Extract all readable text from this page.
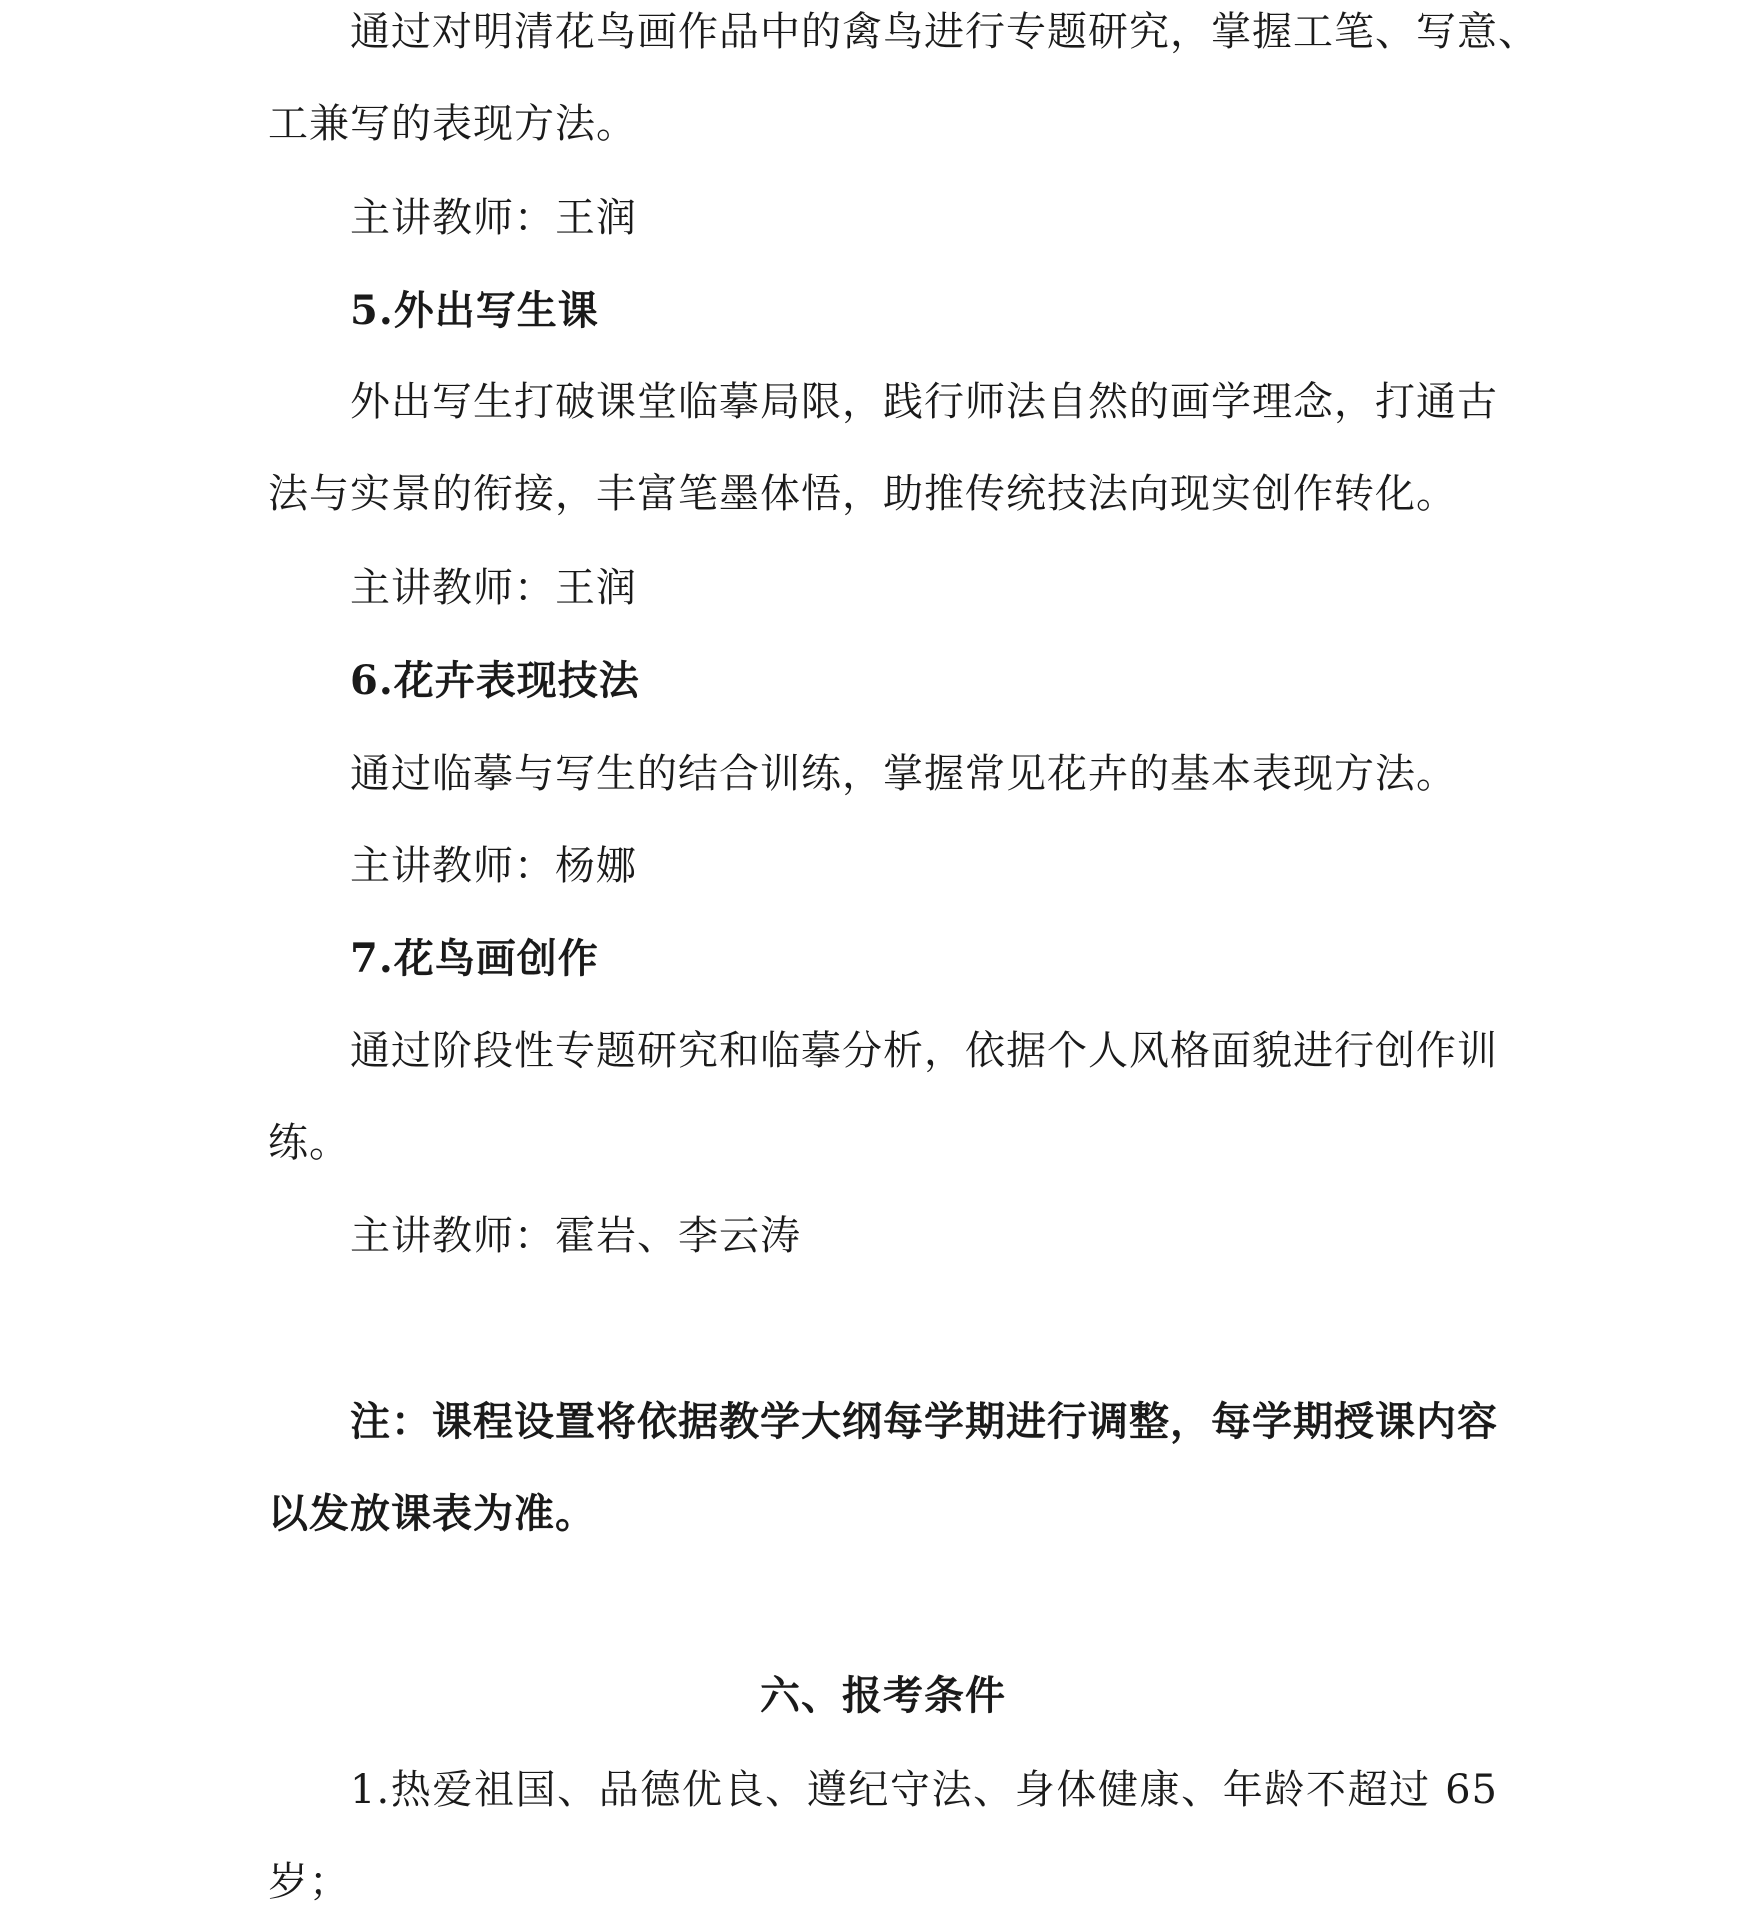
通过对明清花鸟画作品中的禽鸟进行专题研究，掌握工笔、写意、
工兼写的表现方法。
主讲教师：王润
5.外出写生课
外出写生打破课堂临摹局限，践行师法自然的画学理念，打通古
法与实景的衔接，丰富笔墨体悟，助推传统技法向现实创作转化。
主讲教师：王润
6.花卉表现技法
通过临摹与写生的结合训练，掌握常见花卉的基本表现方法。
主讲教师：杨娜
7.花鸟画创作
通过阶段性专题研究和临摹分析，依据个人风格面貌进行创作训
练。
主讲教师：霍岩、李云涛
注：课程设置将依据教学大纲每学期进行调整，每学期授课内容
以发放课表为准。
六、报考条件
1.热爱祖国、品德优良、遵纪守法、身体健康、年龄不超过 65
岁；
